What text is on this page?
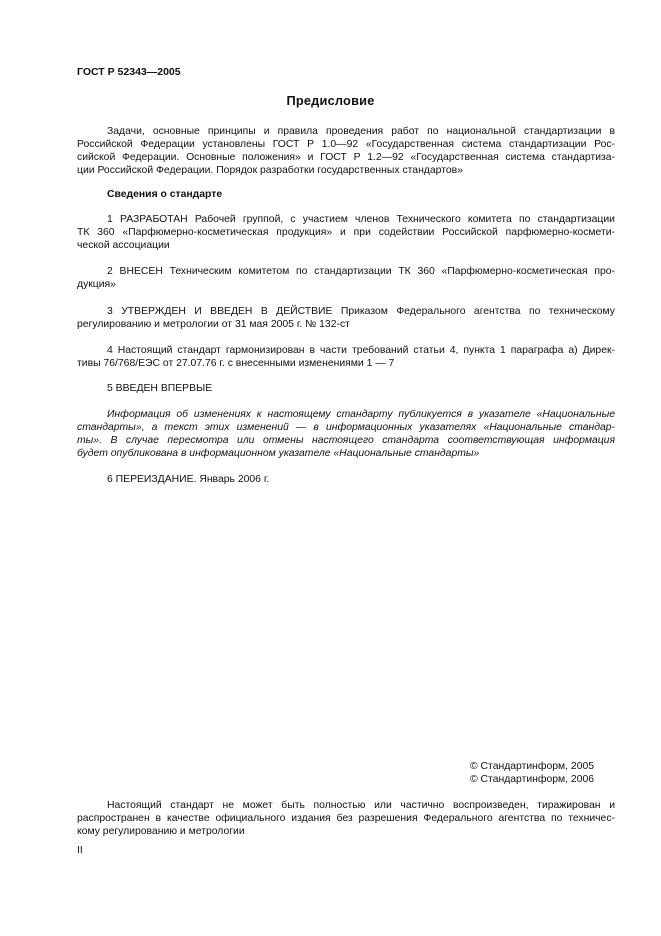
ГОСТ Р 52343—2005
Предисловие
Задачи, основные принципы и правила проведения работ по национальной стандартизации в
Российской Федерации установлены ГОСТ Р 1.0—92 «Государственная система стандартизации Рос-
сийской Федерации. Основные положения» и ГОСТ Р 1.2—92 «Государственная система стандартиза-
ции Российской Федерации. Порядок разработки государственных стандартов»
Сведения о стандарте
1 РАЗРАБОТАН Рабочей группой, с участием членов Технического комитета по стандартизации
ТК 360 «Парфюмерно-косметическая продукция» и при содействии Российской парфюмерно-космети-
ческой ассоциации
2 ВНЕСЕН Техническим комитетом по стандартизации ТК 360 «Парфюмерно-косметическая про-
дукция»
3 УТВЕРЖДЕН И ВВЕДЕН В ДЕЙСТВИЕ Приказом Федерального агентства по техническому
регулированию и метрологии от 31 мая 2005 г. № 132-ст
4 Настоящий стандарт гармонизирован в части требований статьи 4, пункта 1 параграфа а) Дирек-
тивы 76/768/ЕЭС от 27.07.76 г. с внесенными изменениями 1 — 7
5 ВВЕДЕН ВПЕРВЫЕ
Информация об изменениях к настоящему стандарту публикуется в указателе «Национальные
стандарты», а текст этих изменений — в информационных указателях «Национальные стандар-
ты». В случае пересмотра или отмены настоящего стандарта соответствующая информация
будет опубликована в информационном указателе «Национальные стандарты»
6 ПЕРЕИЗДАНИЕ. Январь 2006 г.
© Стандартинформ, 2005
© Стандартинформ, 2006
Настоящий стандарт не может быть полностью или частично воспроизведен, тиражирован и
распространен в качестве официального издания без разрешения Федерального агентства по техничес-
кому регулированию и метрологии
II
